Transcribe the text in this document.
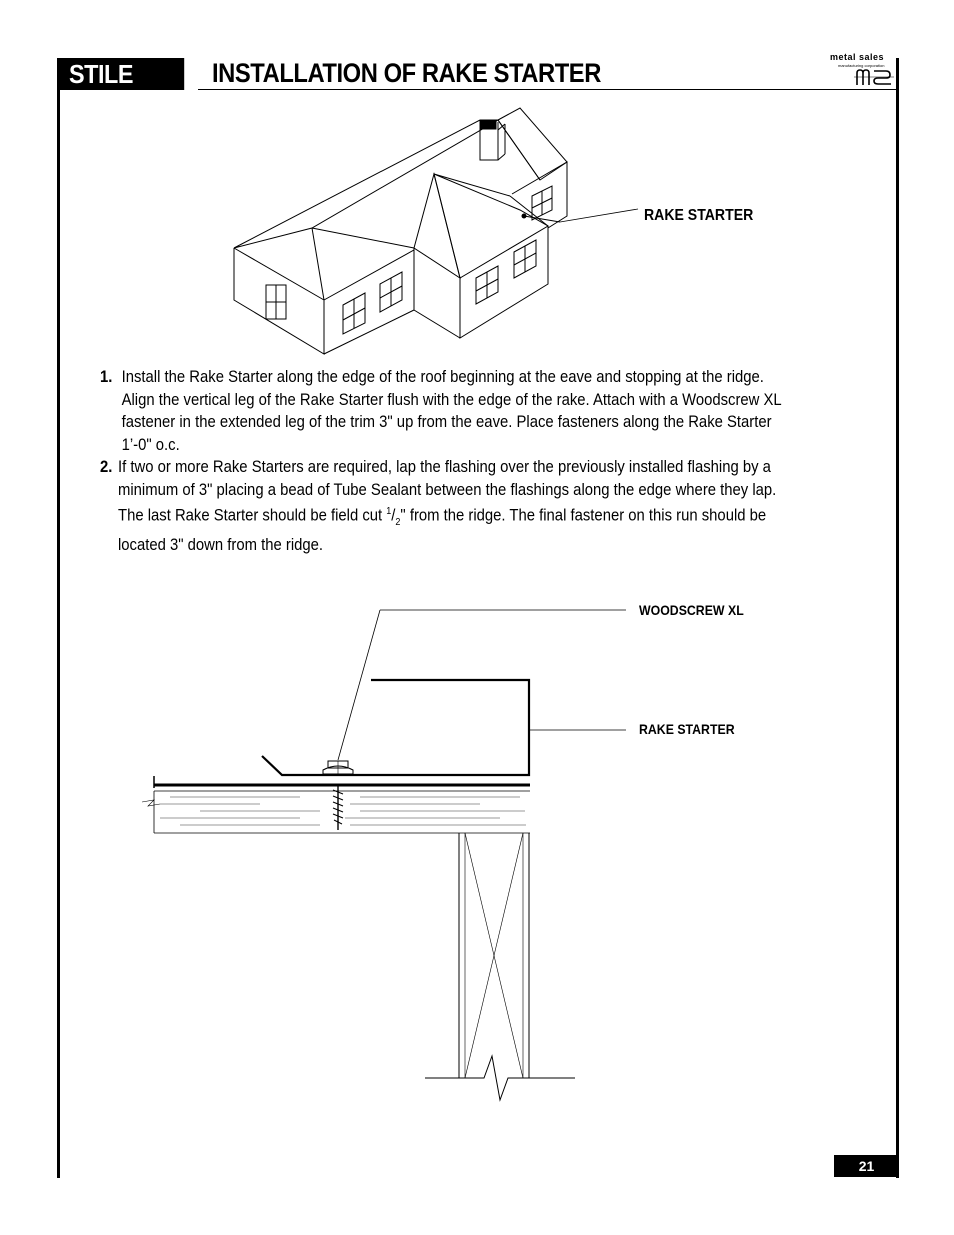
STILE	INSTALLATION OF RAKE STARTER
metal sales
manufacturing corporation
RAKE STARTER

1. Install the Rake Starter along the edge of the roof beginning at the eave and stopping at the ridge. Align the vertical leg of the Rake Starter flush with the edge of the rake. Attach with a Woodscrew XL fastener in the extended leg of the trim 3" up from the eave. Place fasteners along the Rake Starter 1’-0" o.c.

2. If two or more Rake Starters are required, lap the flashing over the previously installed flashing by a minimum of 3" placing a bead of Tube Sealant between the flashings along the edge where they lap. The last Rake Starter should be field cut $^1/_2$" from the ridge. The final fastener on this run should be located 3" down from the ridge.

WOODSCREW XL
RAKE STARTER
21
